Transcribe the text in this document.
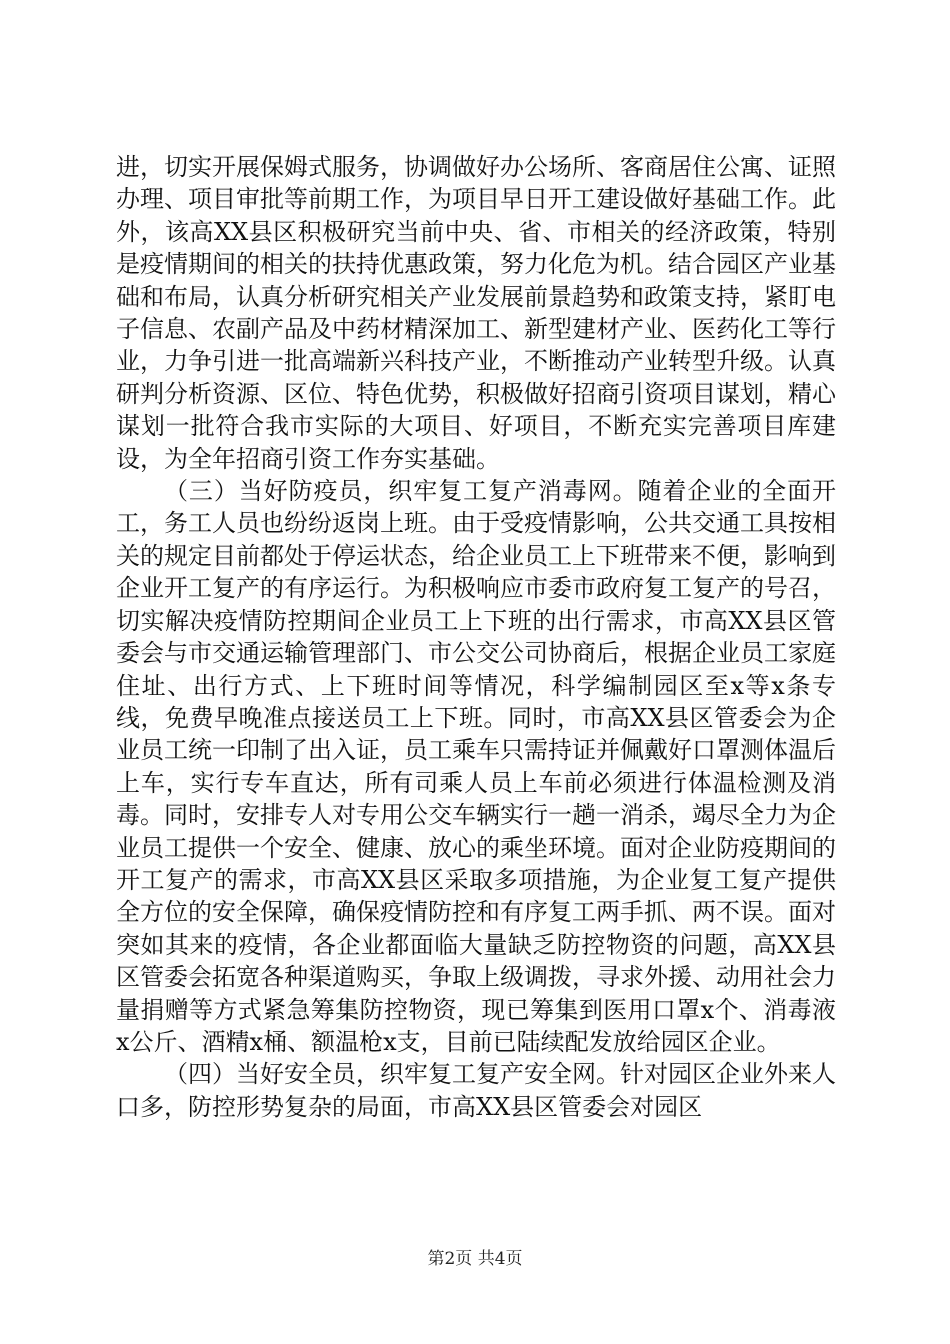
进，切实开展保姆式服务，协调做好办公场所、客商居住公寓、证照办理、项目审批等前期工作，为项目早日开工建设做好基础工作。此外，该高XX县区积极研究当前中央、省、市相关的经济政策，特别是疫情期间的相关的扶持优惠政策，努力化危为机。结合园区产业基础和布局，认真分析研究相关产业发展前景趋势和政策支持，紧盯电子信息、农副产品及中药材精深加工、新型建材产业、医药化工等行业，力争引进一批高端新兴科技产业，不断推动产业转型升级。认真研判分析资源、区位、特色优势，积极做好招商引资项目谋划，精心谋划一批符合我市实际的大项目、好项目，不断充实完善项目库建设，为全年招商引资工作夯实基础。

（三）当好防疫员，织牢复工复产消毒网。随着企业的全面开工，务工人员也纷纷返岗上班。由于受疫情影响，公共交通工具按相关的规定目前都处于停运状态，给企业员工上下班带来不便，影响到企业开工复产的有序运行。为积极响应市委市政府复工复产的号召，切实解决疫情防控期间企业员工上下班的出行需求，市高XX县区管委会与市交通运输管理部门、市公交公司协商后，根据企业员工家庭住址、出行方式、上下班时间等情况，科学编制园区至x等x条专线，免费早晚准点接送员工上下班。同时，市高XX县区管委会为企业员工统一印制了出入证，员工乘车只需持证并佩戴好口罩测体温后上车，实行专车直达，所有司乘人员上车前必须进行体温检测及消毒。同时，安排专人对专用公交车辆实行一趟一消杀，竭尽全力为企业员工提供一个安全、健康、放心的乘坐环境。面对企业防疫期间的开工复产的需求，市高XX县区采取多项措施，为企业复工复产提供全方位的安全保障，确保疫情防控和有序复工两手抓、两不误。面对突如其来的疫情，各企业都面临大量缺乏防控物资的问题，高XX县区管委会拓宽各种渠道购买，争取上级调拨，寻求外援、动用社会力量捐赠等方式紧急筹集防控物资，现已筹集到医用口罩x个、消毒液x公斤、酒精x桶、额温枪x支，目前已陆续配发放给园区企业。

（四）当好安全员，织牢复工复产安全网。针对园区企业外来人口多，防控形势复杂的局面，市高XX县区管委会对园区

第2页 共4页
